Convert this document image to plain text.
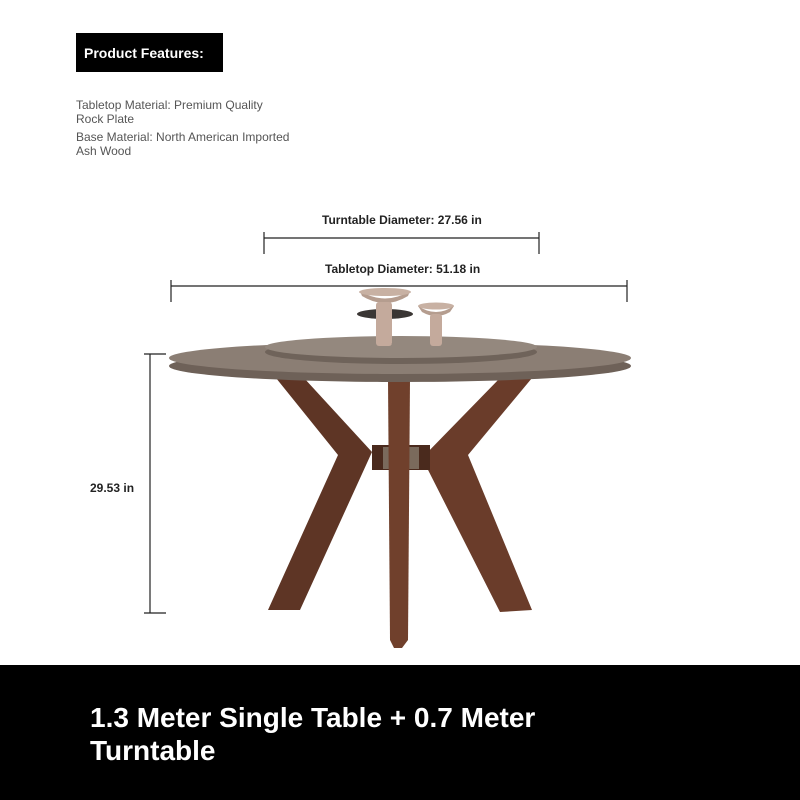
Product Features:
Tabletop Material: Premium Quality
Rock Plate
Base Material: North American Imported
Ash Wood
Turntable Diameter: 27.56 in
Tabletop Diameter: 51.18 in
29.53 in
1.3 Meter Single Table + 0.7 Meter Turntable
